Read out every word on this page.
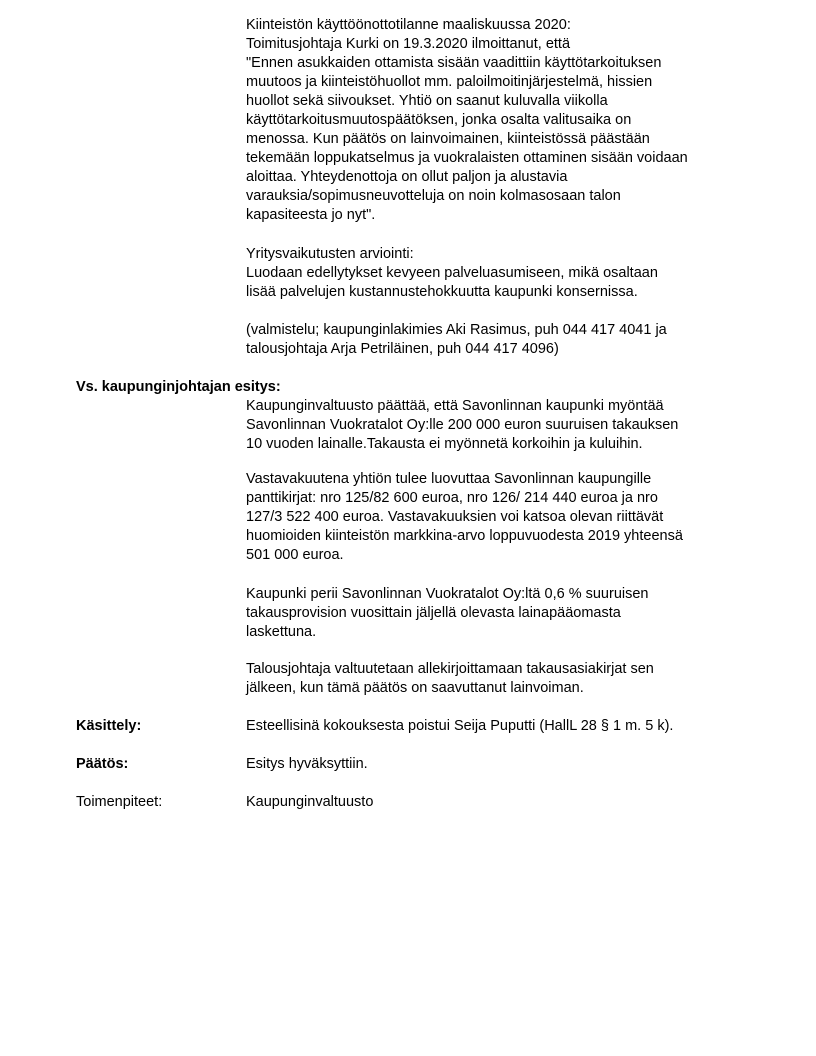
Kiinteistön käyttöönottotilanne maaliskuussa 2020:
Toimitusjohtaja Kurki on 19.3.2020 ilmoittanut, että
"Ennen asukkaiden ottamista sisään vaadittiin käyttötarkoituksen
muutoos ja kiinteistöhuollot mm. paloilmoitinjärjestelmä, hissien
huollot sekä siivoukset. Yhtiö on saanut kuluvalla viikolla
käyttötarkoitusmuutospäätöksen, jonka osalta valitusaika on
menossa. Kun päätös on lainvoimainen, kiinteistössä päästään
tekemään loppukatselmus ja vuokralaisten ottaminen sisään voidaan
aloittaa. Yhteydenottoja on ollut paljon ja alustavia
varauksia/sopimusneuvotteluja on noin kolmasosaan talon
kapasiteesta jo nyt".
Yritysvaikutusten arviointi:
Luodaan edellytykset kevyeen palveluasumiseen, mikä osaltaan
lisää palvelujen kustannustehokkuutta kaupunki konsernissa.
(valmistelu; kaupunginlakimies Aki Rasimus, puh 044 417 4041 ja
talousjohtaja Arja Petriläinen, puh 044 417 4096)
Vs. kaupunginjohtajan esitys:
Kaupunginvaltuusto päättää, että Savonlinnan kaupunki myöntää
Savonlinnan Vuokratalot Oy:lle 200 000 euron suuruisen takauksen
10 vuoden lainalle.Takausta ei myönnetä korkoihin ja kuluihin.
Vastavakuutena yhtiön tulee luovuttaa Savonlinnan kaupungille
panttikirjat: nro 125/82 600 euroa, nro 126/ 214 440 euroa ja nro
127/3 522 400 euroa. Vastavakuuksien voi katsoa olevan riittävät
huomioiden kiinteistön markkina-arvo loppuvuodesta 2019 yhteensä
501 000 euroa.
Kaupunki perii Savonlinnan Vuokratalot Oy:ltä 0,6 % suuruisen
takausprovision vuosittain jäljellä olevasta lainapääomasta
laskettuna.
Talousjohtaja valtuutetaan allekirjoittamaan takausasiakirjat sen
jälkeen, kun tämä päätös on saavuttanut lainvoiman.
Käsittely:	Esteellisinä kokouksesta poistui Seija Puputti (HallL 28 § 1 m. 5 k).
Päätös:	Esitys hyväksyttiin.
Toimenpiteet:	Kaupunginvaltuusto
